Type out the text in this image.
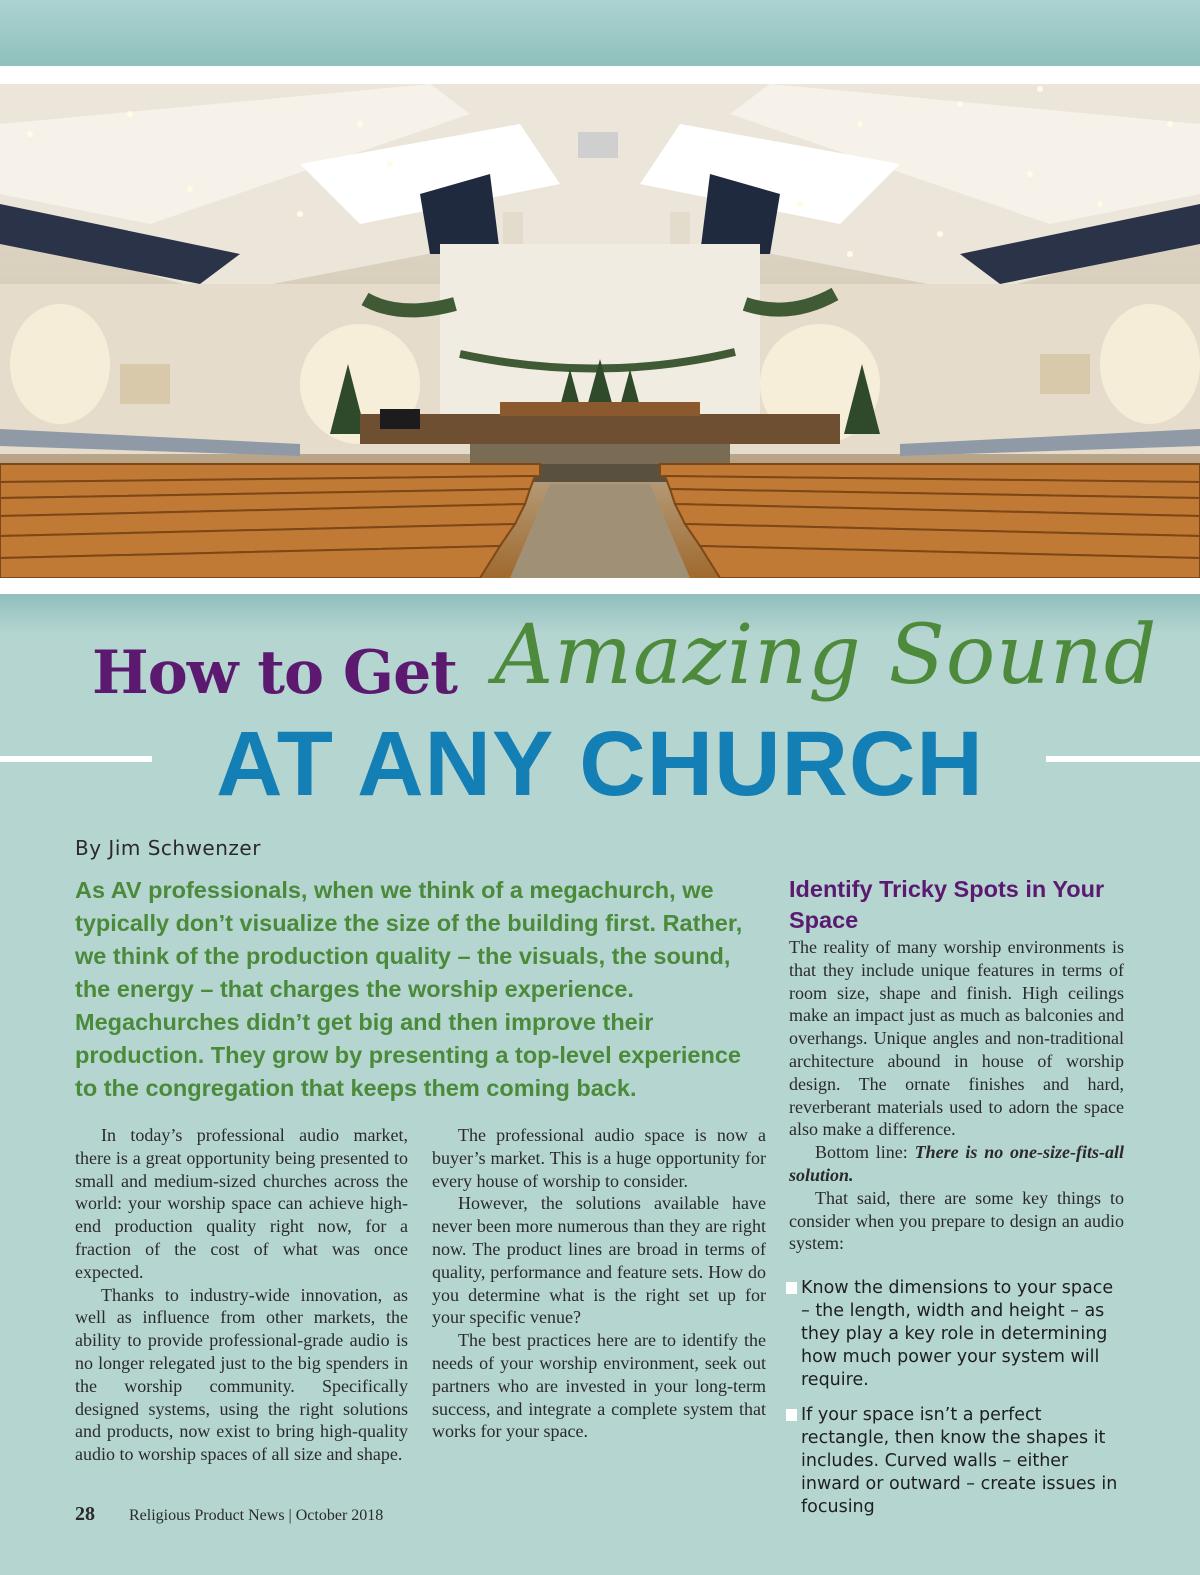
How to Get Amazing Sound
AT ANY CHURCH
By Jim Schwenzer
As AV professionals, when we think of a megachurch, we typically don’t visualize the size of the building first. Rather, we think of the production quality – the visuals, the sound, the energy – that charges the worship experience. Megachurches didn’t get big and then improve their production. They grow by presenting a top-level experience to the congregation that keeps them coming back.

In today’s professional audio market, there is a great opportunity being presented to small and medium-sized churches across the world: your worship space can achieve high-end production quality right now, for a fraction of the cost of what was once expected.

Thanks to industry-wide innovation, as well as influence from other markets, the ability to provide professional-grade audio is no longer relegated just to the big spenders in the worship community. Specifically designed systems, using the right solutions and products, now exist to bring high-quality audio to worship spaces of all size and shape.

The professional audio space is now a buyer’s market. This is a huge opportunity for every house of worship to consider.

However, the solutions available have never been more numerous than they are right now. The product lines are broad in terms of quality, performance and feature sets. How do you determine what is the right set up for your specific venue?

The best practices here are to identify the needs of your worship environment, seek out partners who are invested in your long-term success, and integrate a complete system that works for your space.

Identify Tricky Spots in Your Space

The reality of many worship environments is that they include unique features in terms of room size, shape and finish. High ceilings make an impact just as much as balconies and overhangs. Unique angles and non-traditional architecture abound in house of worship design. The ornate finishes and hard, reverberant materials used to adorn the space also make a difference.

Bottom line: There is no one-size-fits-all solution.

That said, there are some key things to consider when you prepare to design an audio system:

Know the dimensions to your space – the length, width and height – as they play a key role in determining how much power your system will require.
If your space isn’t a perfect rectangle, then know the shapes it includes. Curved walls – either inward or outward – create issues in focusing
28 Religious Product News | October 2018
